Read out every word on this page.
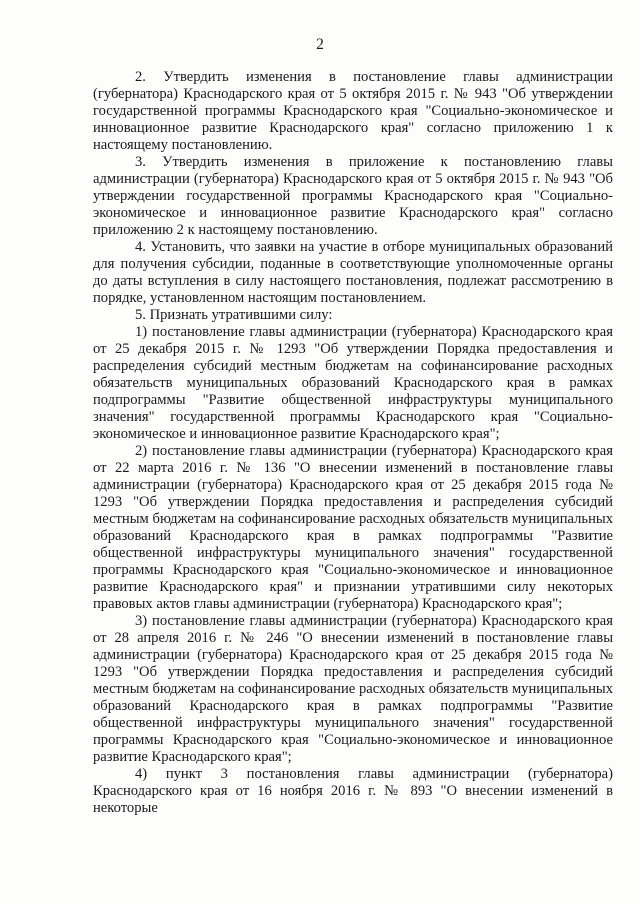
2

2. Утвердить изменения в постановление главы администрации (губернатора) Краснодарского края от 5 октября 2015 г. № 943 "Об утверждении государственной программы Краснодарского края "Социально-экономическое и инновационное развитие Краснодарского края" согласно приложению 1 к настоящему постановлению.

3. Утвердить изменения в приложение к постановлению главы администрации (губернатора) Краснодарского края от 5 октября 2015 г. № 943 "Об утверждении государственной программы Краснодарского края "Социально-экономическое и инновационное развитие Краснодарского края" согласно приложению 2 к настоящему постановлению.

4. Установить, что заявки на участие в отборе муниципальных образований для получения субсидии, поданные в соответствующие уполномоченные органы до даты вступления в силу настоящего постановления, подлежат рассмотрению в порядке, установленном настоящим постановлением.

5. Признать утратившими силу:

1) постановление главы администрации (губернатора) Краснодарского края от 25 декабря 2015 г. № 1293 "Об утверждении Порядка предоставления и распределения субсидий местным бюджетам на софинансирование расходных обязательств муниципальных образований Краснодарского края в рамках подпрограммы "Развитие общественной инфраструктуры муниципального значения" государственной программы Краснодарского края "Социально-экономическое и инновационное развитие Краснодарского края";

2) постановление главы администрации (губернатора) Краснодарского края от 22 марта 2016 г. № 136 "О внесении изменений в постановление главы администрации (губернатора) Краснодарского края от 25 декабря 2015 года № 1293 "Об утверждении Порядка предоставления и распределения субсидий местным бюджетам на софинансирование расходных обязательств муниципальных образований Краснодарского края в рамках подпрограммы "Развитие общественной инфраструктуры муниципального значения" государственной программы Краснодарского края "Социально-экономическое и инновационное развитие Краснодарского края" и признании утратившими силу некоторых правовых актов главы администрации (губернатора) Краснодарского края";

3) постановление главы администрации (губернатора) Краснодарского края от 28 апреля 2016 г. № 246 "О внесении изменений в постановление главы администрации (губернатора) Краснодарского края от 25 декабря 2015 года № 1293 "Об утверждении Порядка предоставления и распределения субсидий местным бюджетам на софинансирование расходных обязательств муниципальных образований Краснодарского края в рамках подпрограммы "Развитие общественной инфраструктуры муниципального значения" государственной программы Краснодарского края "Социально-экономическое и инновационное развитие Краснодарского края";

4) пункт 3 постановления главы администрации (губернатора) Краснодарского края от 16 ноября 2016 г. № 893 "О внесении изменений в некоторые
